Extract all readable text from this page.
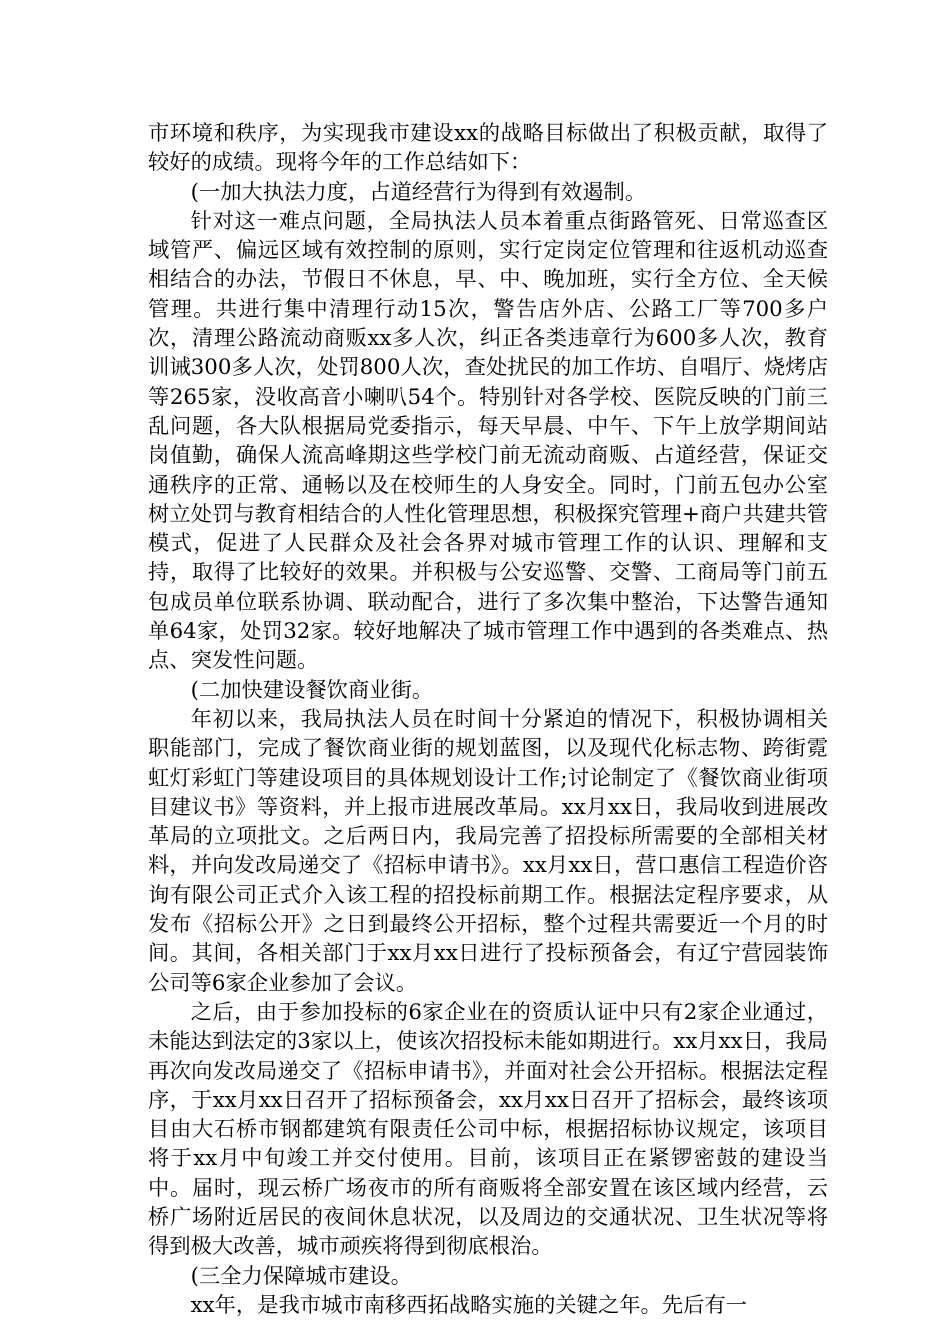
市环境和秩序，为实现我市建设xx的战略目标做出了积极贡献，取得了较好的成绩。现将今年的工作总结如下：

(一加大执法力度，占道经营行为得到有效遏制。

针对这一难点问题，全局执法人员本着重点街路管死、日常巡查区域管严、偏远区域有效控制的原则，实行定岗定位管理和往返机动巡查相结合的办法，节假日不休息，早、中、晚加班，实行全方位、全天候管理。共进行集中清理行动15次，警告店外店、公路工厂等700多户次，清理公路流动商贩xx多人次，纠正各类违章行为600多人次，教育训诫300多人次，处罚800人次，查处扰民的加工作坊、自唱厅、烧烤店等265家，没收高音小喇叭54个。特别针对各学校、医院反映的门前三乱问题，各大队根据局党委指示，每天早晨、中午、下午上放学期间站岗值勤，确保人流高峰期这些学校门前无流动商贩、占道经营，保证交通秩序的正常、通畅以及在校师生的人身安全。同时，门前五包办公室树立处罚与教育相结合的人性化管理思想，积极探究管理+商户共建共管模式，促进了人民群众及社会各界对城市管理工作的认识、理解和支持，取得了比较好的效果。并积极与公安巡警、交警、工商局等门前五包成员单位联系协调、联动配合，进行了多次集中整治，下达警告通知单64家，处罚32家。较好地解决了城市管理工作中遇到的各类难点、热点、突发性问题。

(二加快建设餐饮商业街。

年初以来，我局执法人员在时间十分紧迫的情况下，积极协调相关职能部门，完成了餐饮商业街的规划蓝图，以及现代化标志物、跨街霓虹灯彩虹门等建设项目的具体规划设计工作;讨论制定了《餐饮商业街项目建议书》等资料，并上报市进展改革局。xx月xx日，我局收到进展改革局的立项批文。之后两日内，我局完善了招投标所需要的全部相关材料，并向发改局递交了《招标申请书》。xx月xx日，营口惠信工程造价咨询有限公司正式介入该工程的招投标前期工作。根据法定程序要求，从发布《招标公开》之日到最终公开招标，整个过程共需要近一个月的时间。其间，各相关部门于xx月xx日进行了投标预备会，有辽宁营园装饰公司等6家企业参加了会议。

之后，由于参加投标的6家企业在的资质认证中只有2家企业通过，未能达到法定的3家以上，使该次招投标未能如期进行。xx月xx日，我局再次向发改局递交了《招标申请书》，并面对社会公开招标。根据法定程序，于xx月xx日召开了招标预备会，xx月xx日召开了招标会，最终该项目由大石桥市钢都建筑有限责任公司中标，根据招标协议规定，该项目将于xx月中旬竣工并交付使用。目前，该项目正在紧锣密鼓的建设当中。届时，现云桥广场夜市的所有商贩将全部安置在该区域内经营，云桥广场附近居民的夜间休息状况，以及周边的交通状况、卫生状况等将得到极大改善，城市顽疾将得到彻底根治。

(三全力保障城市建设。

xx年，是我市城市南移西拓战略实施的关键之年。先后有一
